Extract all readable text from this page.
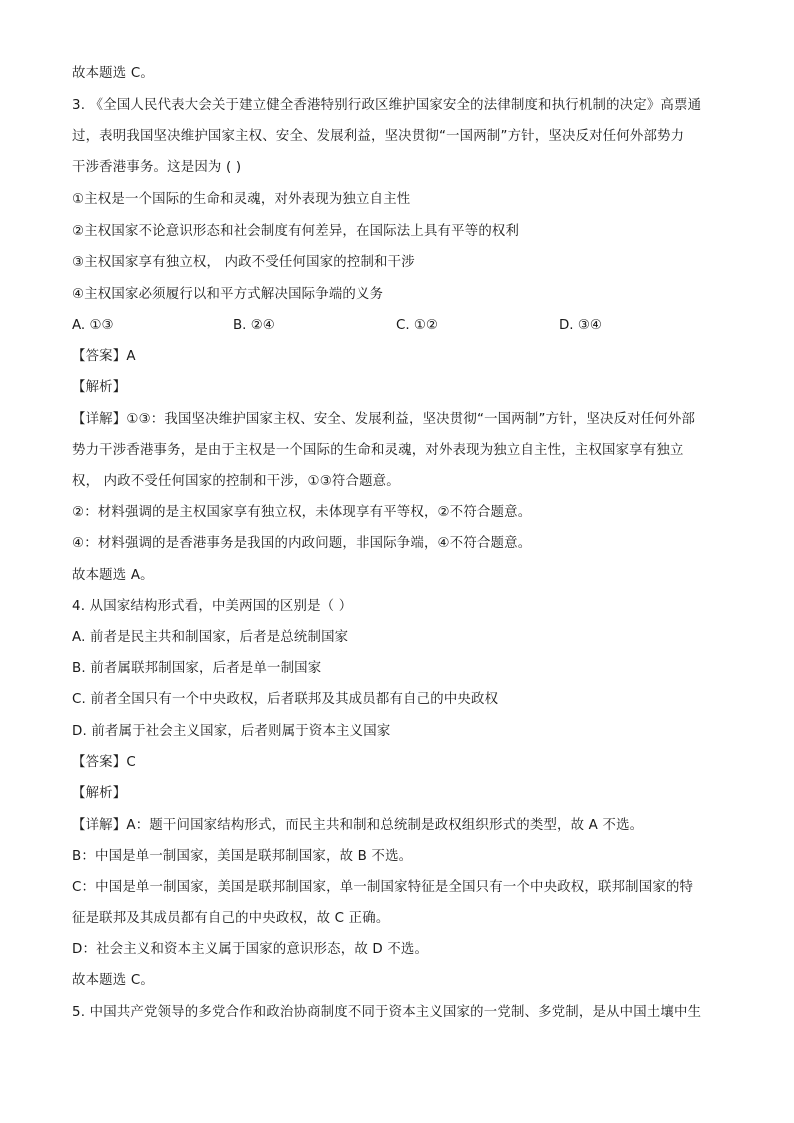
故本题选 C。
3. 《全国人民代表大会关于建立健全香港特别行政区维护国家安全的法律制度和执行机制的决定》高票通
过，表明我国坚决维护国家主权、安全、发展利益，坚决贯彻“一国两制”方针，坚决反对任何外部势力
干涉香港事务。这是因为 ( )
①主权是一个国际的生命和灵魂，对外表现为独立自主性
②主权国家不论意识形态和社会制度有何差异，在国际法上具有平等的权利
③主权国家享有独立权， 内政不受任何国家的控制和干涉
④主权国家必须履行以和平方式解决国际争端的义务
A. ①③	B. ②④	C. ①②	D. ③④
【答案】A
【解析】
【详解】①③：我国坚决维护国家主权、安全、发展利益，坚决贯彻“一国两制”方针，坚决反对任何外部
势力干涉香港事务，是由于主权是一个国际的生命和灵魂，对外表现为独立自主性，主权国家享有独立
权， 内政不受任何国家的控制和干涉，①③符合题意。
②：材料强调的是主权国家享有独立权，未体现享有平等权，②不符合题意。
④：材料强调的是香港事务是我国的内政问题，非国际争端，④不符合题意。
故本题选 A。
4. 从国家结构形式看，中美两国的区别是（ ）
A. 前者是民主共和制国家，后者是总统制国家
B. 前者属联邦制国家，后者是单一制国家
C. 前者全国只有一个中央政权，后者联邦及其成员都有自己的中央政权
D. 前者属于社会主义国家，后者则属于资本主义国家
【答案】C
【解析】
【详解】A：题干问国家结构形式，而民主共和制和总统制是政权组织形式的类型，故 A 不选。
B：中国是单一制国家，美国是联邦制国家，故 B 不选。
C：中国是单一制国家，美国是联邦制国家，单一制国家特征是全国只有一个中央政权，联邦制国家的特
征是联邦及其成员都有自己的中央政权，故 C 正确。
D：社会主义和资本主义属于国家的意识形态，故 D 不选。
故本题选 C。
5. 中国共产党领导的多党合作和政治协商制度不同于资本主义国家的一党制、多党制，是从中国土壤中生
